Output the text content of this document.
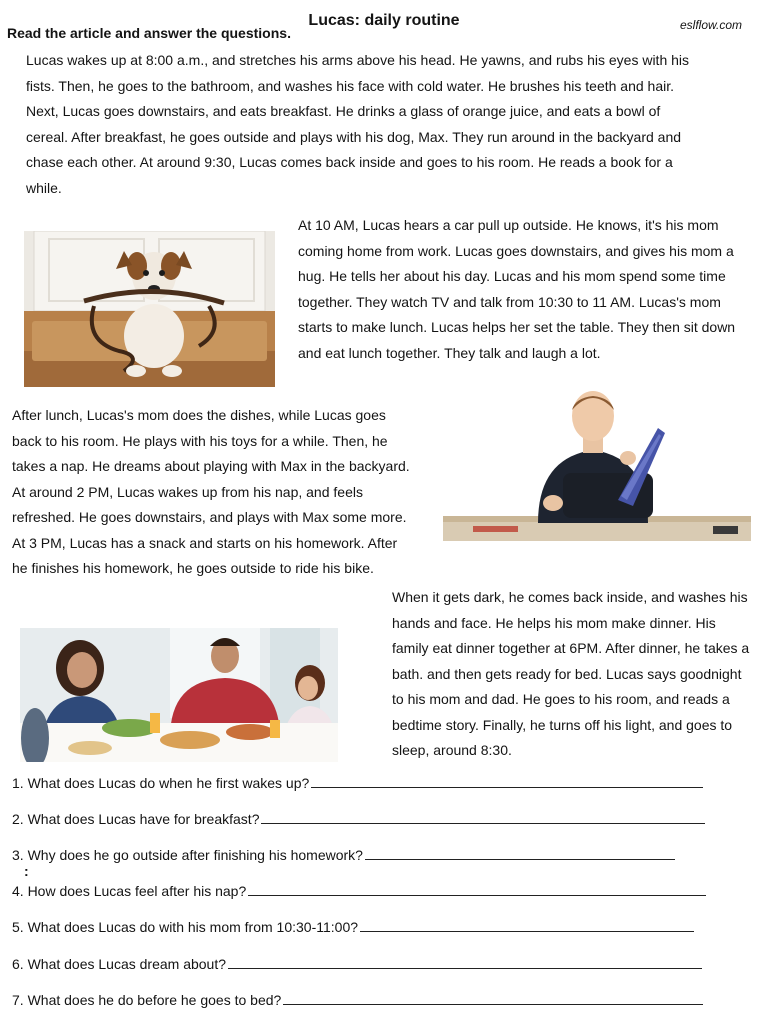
Lucas: daily routine
Read the article and answer the questions.	eslflow.com
Lucas wakes up at 8:00 a.m., and stretches his arms above his head. He yawns, and rubs his eyes with his fists. Then, he goes to the bathroom, and washes his face with cold water. He brushes his teeth and hair. Next, Lucas goes downstairs, and eats breakfast. He drinks a glass of orange juice, and eats a bowl of cereal. After breakfast, he goes outside and plays with his dog, Max. They run around in the backyard and chase each other. At around 9:30, Lucas comes back inside and goes to his room. He reads a book for a while.
At 10 AM, Lucas hears a car pull up outside. He knows, it's his mom coming home from work. Lucas goes downstairs, and gives his mom a hug. He tells her about his day. Lucas and his mom spend some time together. They watch TV and talk from 10:30 to 11 AM. Lucas's mom starts to make lunch. Lucas helps her set the table. They then sit down and eat lunch together. They talk and laugh a lot.
After lunch, Lucas's mom does the dishes, while Lucas goes back to his room. He plays with his toys for a while. Then, he takes a nap. He dreams about playing with Max in the backyard. At around 2 PM, Lucas wakes up from his nap, and feels refreshed. He goes downstairs, and plays with Max some more. At 3 PM, Lucas has a snack and starts on his homework. After he finishes his homework, he goes outside to ride his bike.
When it gets dark, he comes back inside, and washes his hands and face. He helps his mom make dinner. His family eat dinner together at 6PM. After dinner, he takes a bath. and then gets ready for bed. Lucas says goodnight to his mom and dad. He goes to his room, and reads a bedtime story. Finally, he turns off his light, and goes to sleep, around 8:30.
1. What does Lucas do when he first wakes up?
2. What does Lucas have for breakfast?
3. Why does he go outside after finishing his homework?
:
4. How does Lucas feel after his nap?
5. What does Lucas do with his mom from 10:30-11:00?
6. What does Lucas dream about?
7. What does he do before he goes to bed?
